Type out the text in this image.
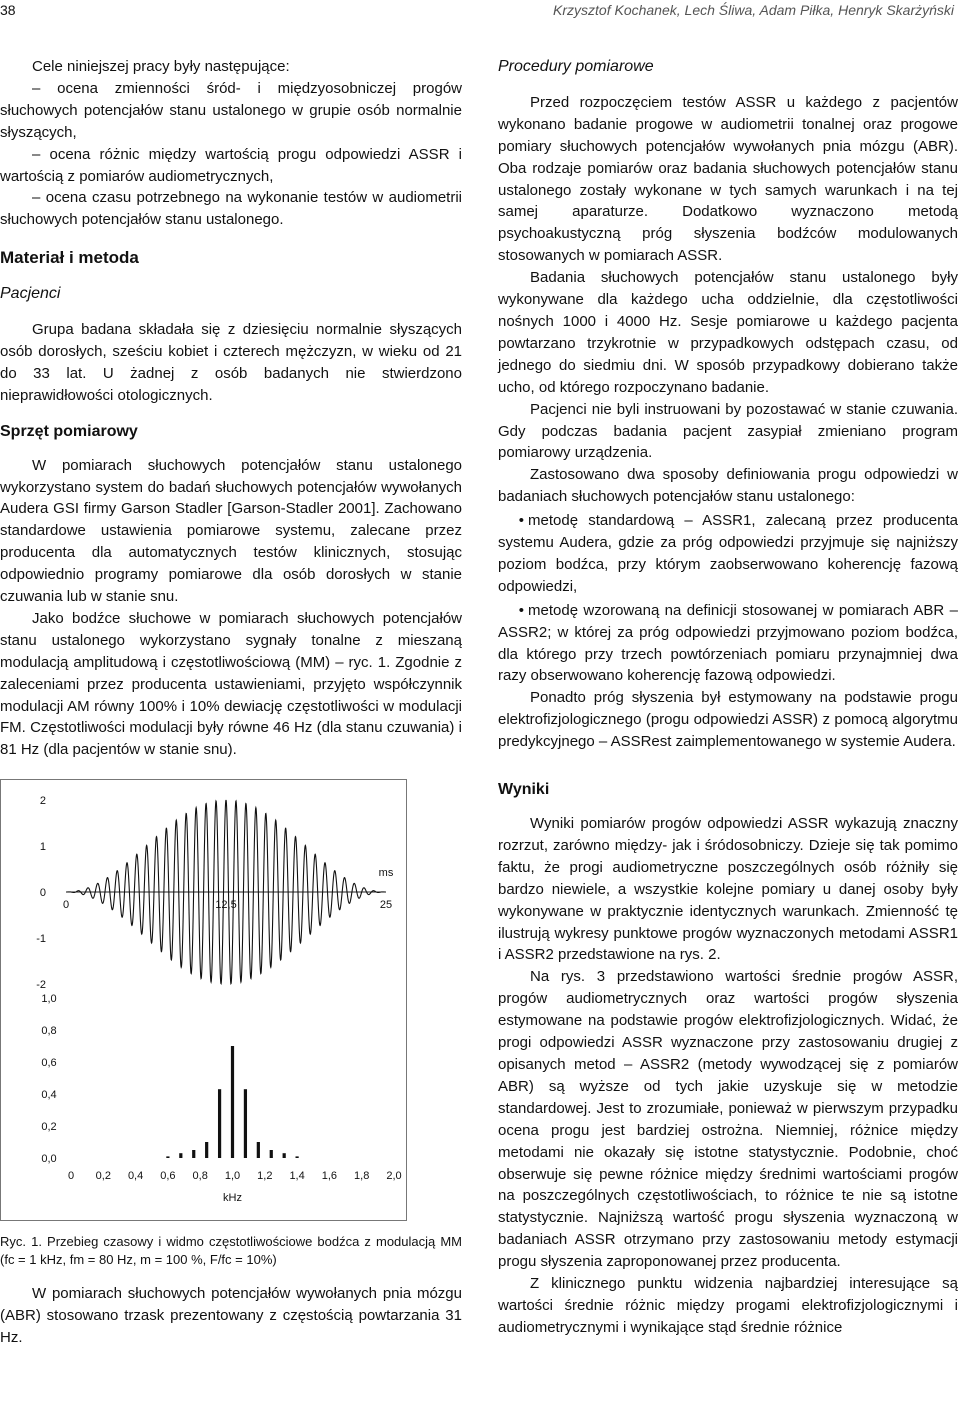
38	Krzysztof Kochanek, Lech Śliwa, Adam Piłka, Henryk Skarżyński

Cele niniejszej pracy były następujące:

– ocena zmienności śród- i międzyosobniczej progów słuchowych potencjałów stanu ustalonego w grupie osób normalnie słyszących,

– ocena różnic między wartością progu odpowiedzi ASSR i wartością z pomiarów audiometrycznych,

– ocena czasu potrzebnego na wykonanie testów w audiometrii słuchowych potencjałów stanu ustalonego.

Materiał i metoda
Pacjenci

Grupa badana składała się z dziesięciu normalnie słyszących osób dorosłych, sześciu kobiet i czterech mężczyzn, w wieku od 21 do 33 lat. U żadnej z osób badanych nie stwierdzono nieprawidłowości otologicznych.

Sprzęt pomiarowy

W pomiarach słuchowych potencjałów stanu ustalonego wykorzystano system do badań słuchowych potencjałów wywołanych Audera GSI firmy Garson Stadler [Garson-Stadler 2001]. Zachowano standardowe ustawienia pomiarowe systemu, zalecane przez producenta dla automatycznych testów klinicznych, stosując odpowiednio programy pomiarowe dla osób dorosłych w stanie czuwania lub w stanie snu.

Jako bodźce słuchowe w pomiarach słuchowych potencjałów stanu ustalonego wykorzystano sygnały tonalne z mieszaną modulacją amplitudową i częstotliwościową (MM) – ryc. 1. Zgodnie z zaleceniami przez producenta ustawieniami, przyjęto współczynnik modulacji AM równy 100% i 10% dewiację częstotliwości w modulacji FM. Częstotliwości modulacji były równe 46 Hz (dla stanu czuwania) i 81 Hz (dla pacjentów w stanie snu).

2
1
0
-1
-2
0	12,5	25
ms
1,0
0,8
0,6
0,4
0,2
0,0
0 0,2 0,4 0,6 0,8 1,0 1,2 1,4 1,6 1,8 2,0
kHz

Ryc. 1. Przebieg czasowy i widmo częstotliwościowe bodźca z modulacją MM (fc = 1 kHz, fm = 80 Hz, m = 100 %, F/fc = 10%)

W pomiarach słuchowych potencjałów wywołanych pnia mózgu (ABR) stosowano trzask prezentowany z częstością powtarzania 31 Hz.

Procedury pomiarowe

Przed rozpoczęciem testów ASSR u każdego z pacjentów wykonano badanie progowe w audiometrii tonalnej oraz progowe pomiary słuchowych potencjałów wywołanych pnia mózgu (ABR). Oba rodzaje pomiarów oraz badania słuchowych potencjałów stanu ustalonego zostały wykonane w tych samych warunkach i na tej samej aparaturze. Dodatkowo wyznaczono metodą psychoakustyczną próg słyszenia bodźców modulowanych stosowanych w pomiarach ASSR.

Badania słuchowych potencjałów stanu ustalonego były wykonywane dla każdego ucha oddzielnie, dla częstotliwości nośnych 1000 i 4000 Hz. Sesje pomiarowe u każdego pacjenta powtarzano trzykrotnie w przypadkowych odstępach czasu, od jednego do siedmiu dni. W sposób przypadkowy dobierano także ucho, od którego rozpoczynano badanie.

Pacjenci nie byli instruowani by pozostawać w stanie czuwania. Gdy podczas badania pacjent zasypiał zmieniano program pomiarowy urządzenia.

Zastosowano dwa sposoby definiowania progu odpowiedzi w badaniach słuchowych potencjałów stanu ustalonego:

• metodę standardową – ASSR1, zalecaną przez producenta systemu Audera, gdzie za próg odpowiedzi przyjmuje się najniższy poziom bodźca, przy którym zaobserwowano koherencję fazową odpowiedzi,

• metodę wzorowaną na definicji stosowanej w pomiarach ABR – ASSR2; w której za próg odpowiedzi przyjmowano poziom bodźca, dla którego przy trzech powtórzeniach pomiaru przynajmniej dwa razy obserwowano koherencję fazową odpowiedzi.

Ponadto próg słyszenia był estymowany na podstawie progu elektrofizjologicznego (progu odpowiedzi ASSR) z pomocą algorytmu predykcyjnego – ASSRest zaimplementowanego w systemie Audera.

Wyniki

Wyniki pomiarów progów odpowiedzi ASSR wykazują znaczny rozrzut, zarówno między- jak i śródosobniczy. Dzieje się tak pomimo faktu, że progi audiometryczne poszczególnych osób różniły się bardzo niewiele, a wszystkie kolejne pomiary u danej osoby były wykonywane w praktycznie identycznych warunkach. Zmienność tę ilustrują wykresy punktowe progów wyznaczonych metodami ASSR1 i ASSR2 przedstawione na rys. 2.

Na rys. 3 przedstawiono wartości średnie progów ASSR, progów audiometrycznych oraz wartości progów słyszenia estymowane na podstawie progów elektrofizjologicznych. Widać, że progi odpowiedzi ASSR wyznaczone przy zastosowaniu drugiej z opisanych metod – ASSR2 (metody wywodzącej się z pomiarów ABR) są wyższe od tych jakie uzyskuje się w metodzie standardowej. Jest to zrozumiałe, ponieważ w pierwszym przypadku ocena progu jest bardziej ostrożna. Niemniej, różnice między metodami nie okazały się istotne statystycznie. Podobnie, choć obserwuje się pewne różnice między średnimi wartościami progów na poszczególnych częstotliwościach, to różnice te nie są istotne statystycznie. Najniższą wartość progu słyszenia wyznaczoną w badaniach ASSR otrzymano przy zastosowaniu metody estymacji progu słyszenia zaproponowanej przez producenta.

Z klinicznego punktu widzenia najbardziej interesujące są wartości średnie różnic między progami elektrofizjologicznymi i audiometrycznymi i wynikające stąd średnie różnice
